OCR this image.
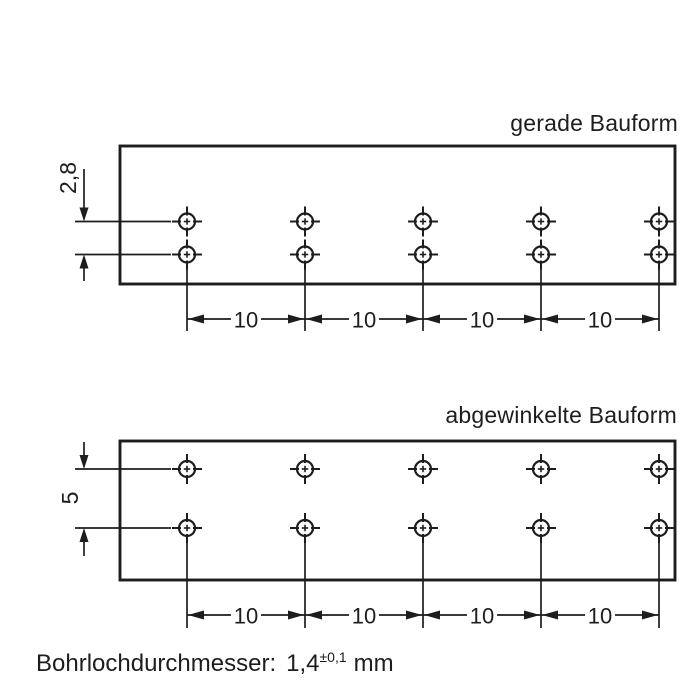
2,8
10	10	10	10
5
10	10	10	10
gerade Bauform
abgewinkelte Bauform
Bohrlochdurchmesser: $1,4^{\pm 0,1}$ mm
